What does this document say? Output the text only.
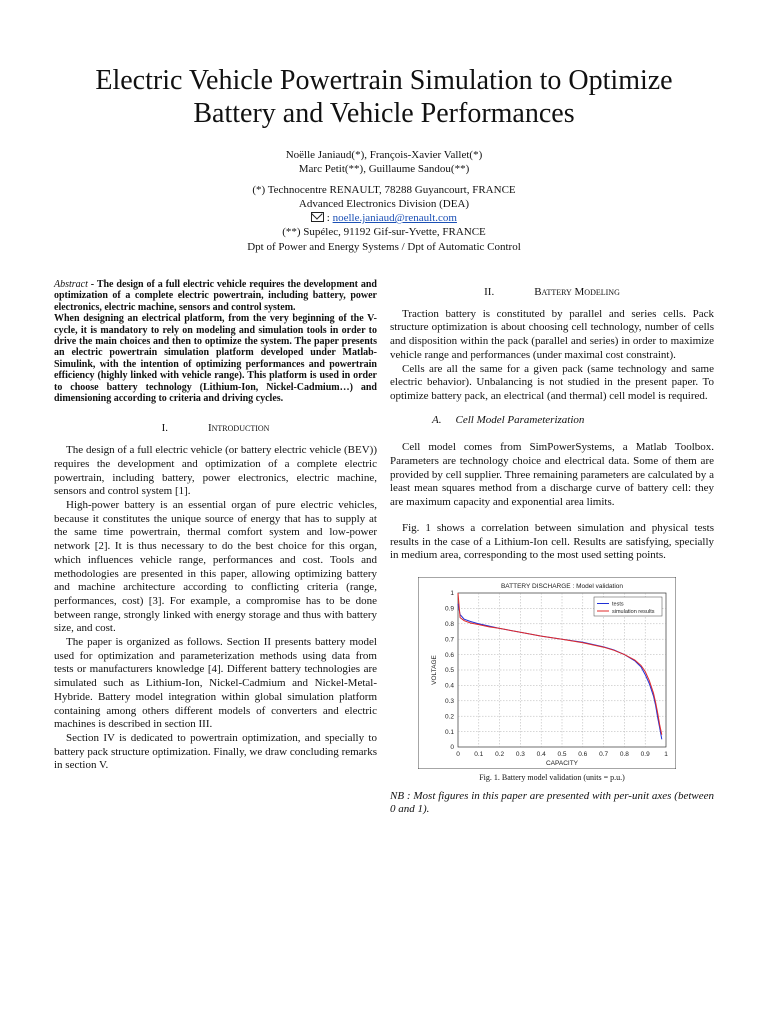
Electric Vehicle Powertrain Simulation to Optimize
Battery and Vehicle Performances
Noëlle Janiaud(*), François-Xavier Vallet(*)
Marc Petit(**), Guillaume Sandou(**)
(*) Technocentre RENAULT, 78288 Guyancourt, FRANCE
Advanced Electronics Division (DEA)
: noelle.janiaud@renault.com
(**) Supélec, 91192 Gif-sur-Yvette, FRANCE
Dpt of Power and Energy Systems / Dpt of Automatic Control

Abstract - The design of a full electric vehicle requires the development and optimization of a complete electric powertrain, including battery, power electronics, electric machine, sensors and control system.

When designing an electrical platform, from the very beginning of the V-cycle, it is mandatory to rely on modeling and simulation tools in order to drive the main choices and then to optimize the system. The paper presents an electric powertrain simulation platform developed under Matlab-Simulink, with the intention of optimizing performances and powertrain efficiency (highly linked with vehicle range). This platform is used in order to choose battery technology (Lithium-Ion, Nickel-Cadmium…) and dimensioning according to criteria and driving cycles.

I.	Introduction

The design of a full electric vehicle (or battery electric vehicle (BEV)) requires the development and optimization of a complete electric powertrain, including battery, power electronics, electric machine, sensors and control system [1].

High-power battery is an essential organ of pure electric vehicles, because it constitutes the unique source of energy that has to supply at the same time powertrain, thermal comfort system and low-power network [2]. It is thus necessary to do the best choice for this organ, which influences vehicle range, performances and cost. Tools and methodologies are presented in this paper, allowing optimizing battery and machine architecture according to conflicting criteria (range, performances, cost) [3]. For example, a compromise has to be done between range, strongly linked with energy storage and thus with battery size, and cost.

The paper is organized as follows. Section II presents battery model used for optimization and parameterization methods using data from tests or manufacturers knowledge [4]. Different battery technologies are simulated such as Lithium-Ion, Nickel-Cadmium and Nickel-Metal-Hybride. Battery model integration within global simulation platform containing among others different models of converters and electric machines is described in section III.

Section IV is dedicated to powertrain optimization, and specially to battery pack structure optimization. Finally, we draw concluding remarks in section V.

II.	Battery Modeling

Traction battery is constituted by parallel and series cells. Pack structure optimization is about choosing cell technology, number of cells and disposition within the pack (parallel and series) in order to maximize vehicle range and performances (under maximal cost constraint).

Cells are all the same for a given pack (same technology and same electric behavior). Unbalancing is not studied in the present paper. To optimize battery pack, an electrical (and thermal) cell model is required.

A. Cell Model Parameterization

Cell model comes from SimPowerSystems, a Matlab Toolbox. Parameters are technology choice and electrical data. Some of them are provided by cell supplier. Three remaining parameters are calculated by a least mean squares method from a discharge curve of battery cell: they are maximum capacity and exponential area limits.

Fig. 1 shows a correlation between simulation and physical tests results in the case of a Lithium-Ion cell. Results are satisfying, specially in medium area, corresponding to the most used setting points.

0 0.1 0.2 0.3 0.4 0.5 0.6 0.7 0.8 0.9 1
0
0.1
0.2
0.3
0.4
0.5
0.6
0.7
0.8
0.9
1
BATTERY DISCHARGE : Model validation
CAPACITY
VOLTAGE
tests
simulation results
Fig. 1. Battery model validation (units = p.u.)
NB : Most figures in this paper are presented with per-unit axes (between 0 and 1).
